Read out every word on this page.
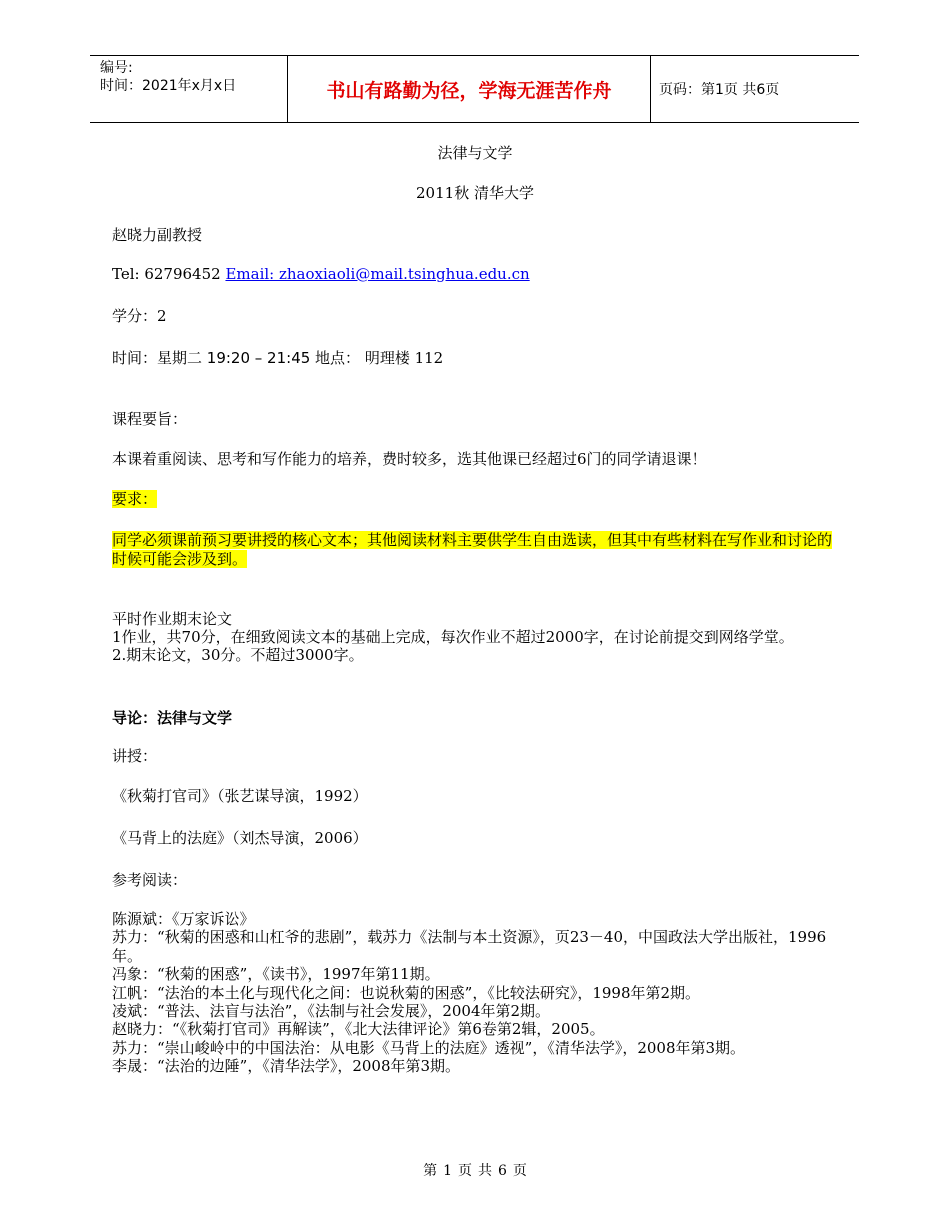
编号:
时间：2021年x月x日	书山有路勤为径，学海无涯苦作舟	页码：第1页 共6页
法律与文学
2011秋 清华大学
赵晓力副教授
Tel: 62796452 Email: zhaoxiaoli@mail.tsinghua.edu.cn
学分：2
时间：星期二 19:20 – 21:45 地点： 明理楼 112
课程要旨：
本课着重阅读、思考和写作能力的培养，费时较多，选其他课已经超过6门的同学请退课！
要求：
同学必须课前预习要讲授的核心文本；其他阅读材料主要供学生自由选读，但其中有些材料在写作业和讨论的时候可能会涉及到。
平时作业期末论文
1作业，共70分，在细致阅读文本的基础上完成，每次作业不超过2000字，在讨论前提交到网络学堂。
2.期末论文，30分。不超过3000字。
导论：法律与文学
讲授：
《秋菊打官司》（张艺谋导演，1992）
《马背上的法庭》（刘杰导演，2006）
参考阅读：
陈源斌：《万家诉讼》
苏力：“秋菊的困惑和山杠爷的悲剧”，载苏力《法制与本土资源》，页23－40，中国政法大学出版社，1996年。
冯象：“秋菊的困惑”，《读书》，1997年第11期。
江帆：“法治的本土化与现代化之间：也说秋菊的困惑”，《比较法研究》，1998年第2期。
凌斌：“普法、法盲与法治”，《法制与社会发展》，2004年第2期。
赵晓力：“《秋菊打官司》再解读”，《北大法律评论》第6卷第2辑，2005。
苏力：“崇山峻岭中的中国法治：从电影《马背上的法庭》透视”，《清华法学》，2008年第3期。
李晟：“法治的边陲”，《清华法学》，2008年第3期。
第 1 页 共 6 页
